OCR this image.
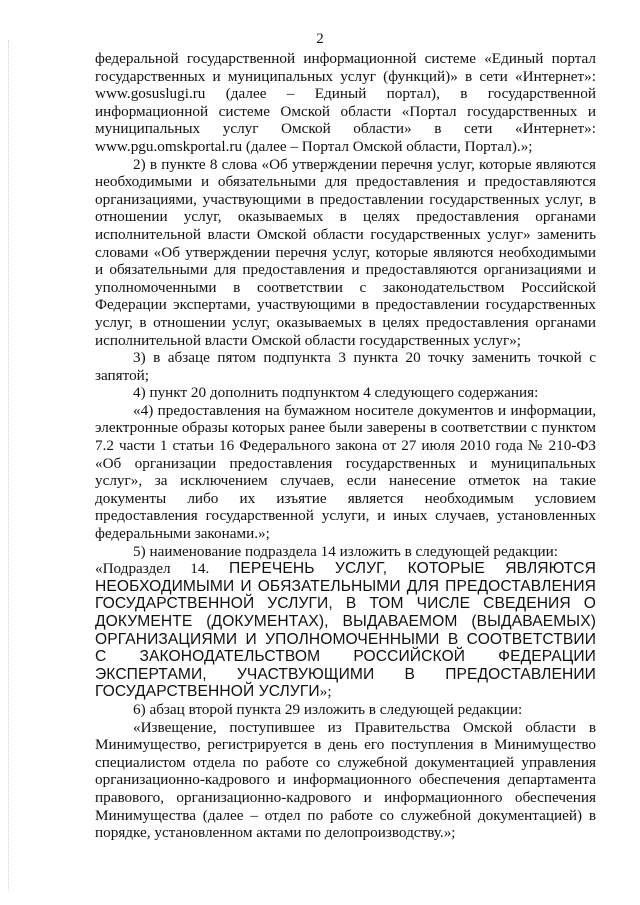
2

федеральной государственной информационной системе «Единый портал государственных и муниципальных услуг (функций)» в сети «Интернет»: www.gosuslugi.ru (далее – Единый портал), в государственной информационной системе Омской области «Портал государственных и муниципальных услуг Омской области» в сети «Интернет»: www.pgu.omskportal.ru (далее – Портал Омской области, Портал).»;

2) в пункте 8 слова «Об утверждении перечня услуг, которые являются необходимыми и обязательными для предоставления и предоставляются организациями, участвующими в предоставлении государственных услуг, в отношении услуг, оказываемых в целях предоставления органами исполнительной власти Омской области государственных услуг» заменить словами «Об утверждении перечня услуг, которые являются необходимыми и обязательными для предоставления и предоставляются организациями и уполномоченными в соответствии с законодательством Российской Федерации экспертами, участвующими в предоставлении государственных услуг, в отношении услуг, оказываемых в целях предоставления органами исполнительной власти Омской области государственных услуг»;

3) в абзаце пятом подпункта 3 пункта 20 точку заменить точкой с запятой;

4) пункт 20 дополнить подпунктом 4 следующего содержания:

«4) предоставления на бумажном носителе документов и информации, электронные образы которых ранее были заверены в соответствии с пунктом 7.2 части 1 статьи 16 Федерального закона от 27 июля 2010 года № 210-ФЗ «Об организации предоставления государственных и муниципальных услуг», за исключением случаев, если нанесение отметок на такие документы либо их изъятие является необходимым условием предоставления государственной услуги, и иных случаев, установленных федеральными законами.»;

5) наименование подраздела 14 изложить в следующей редакции:

«Подраздел 14. ПЕРЕЧЕНЬ УСЛУГ, КОТОРЫЕ ЯВЛЯЮТСЯ НЕОБХОДИМЫМИ И ОБЯЗАТЕЛЬНЫМИ ДЛЯ ПРЕДОСТАВЛЕНИЯ ГОСУДАРСТВЕННОЙ УСЛУГИ, В ТОМ ЧИСЛЕ СВЕДЕНИЯ О ДОКУМЕНТЕ (ДОКУМЕНТАХ), ВЫДАВАЕМОМ (ВЫДАВАЕМЫХ) ОРГАНИЗАЦИЯМИ И УПОЛНОМОЧЕННЫМИ В СООТВЕТСТВИИ С ЗАКОНОДАТЕЛЬСТВОМ РОССИЙСКОЙ ФЕДЕРАЦИИ ЭКСПЕРТАМИ, УЧАСТВУЮЩИМИ В ПРЕДОСТАВЛЕНИИ ГОСУДАРСТВЕННОЙ УСЛУГИ»;

6) абзац второй пункта 29 изложить в следующей редакции:

«Извещение, поступившее из Правительства Омской области в Минимущество, регистрируется в день его поступления в Минимущество специалистом отдела по работе со служебной документацией управления организационно-кадрового и информационного обеспечения департамента правового, организационно-кадрового и информационного обеспечения Минимущества (далее – отдел по работе со служебной документацией) в порядке, установленном актами по делопроизводству.»;
